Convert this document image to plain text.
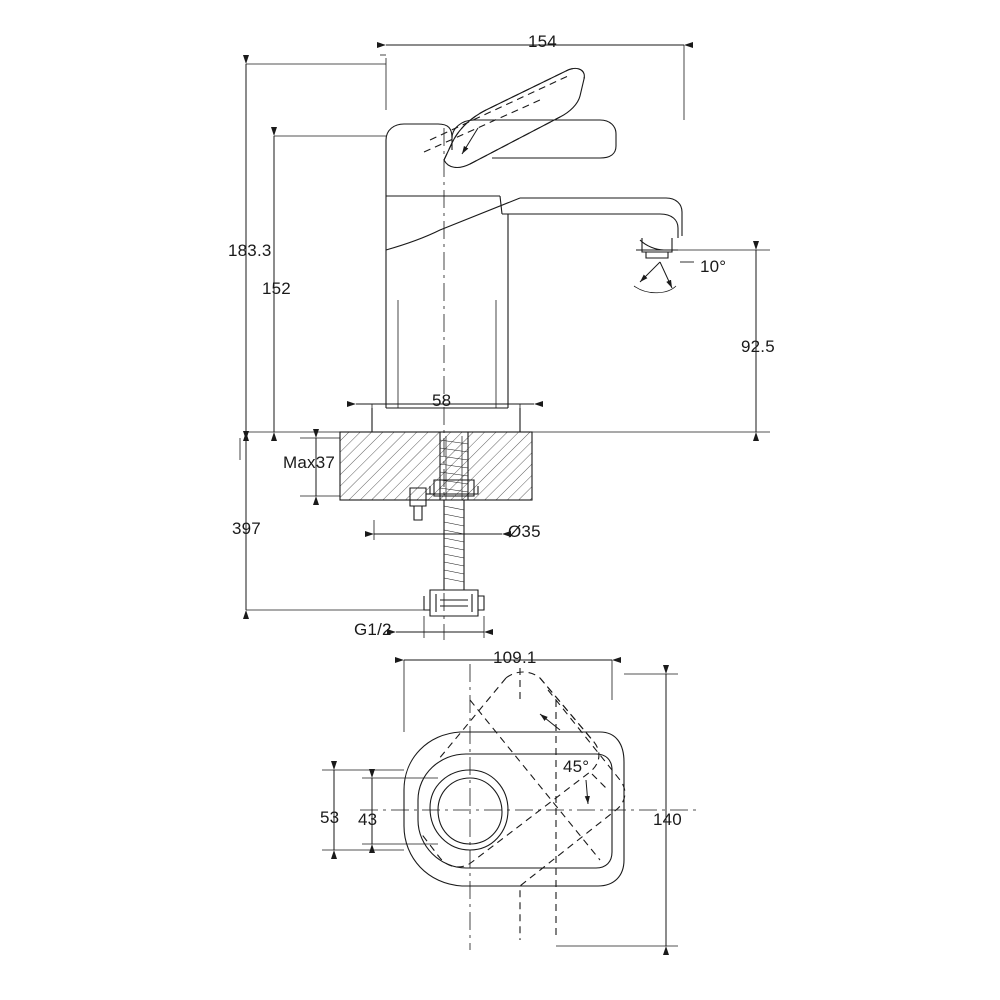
154
183.3
152
58
92.5
10°
Max37
397	Ø35
G1/2
109.1
53 43
45°
140
